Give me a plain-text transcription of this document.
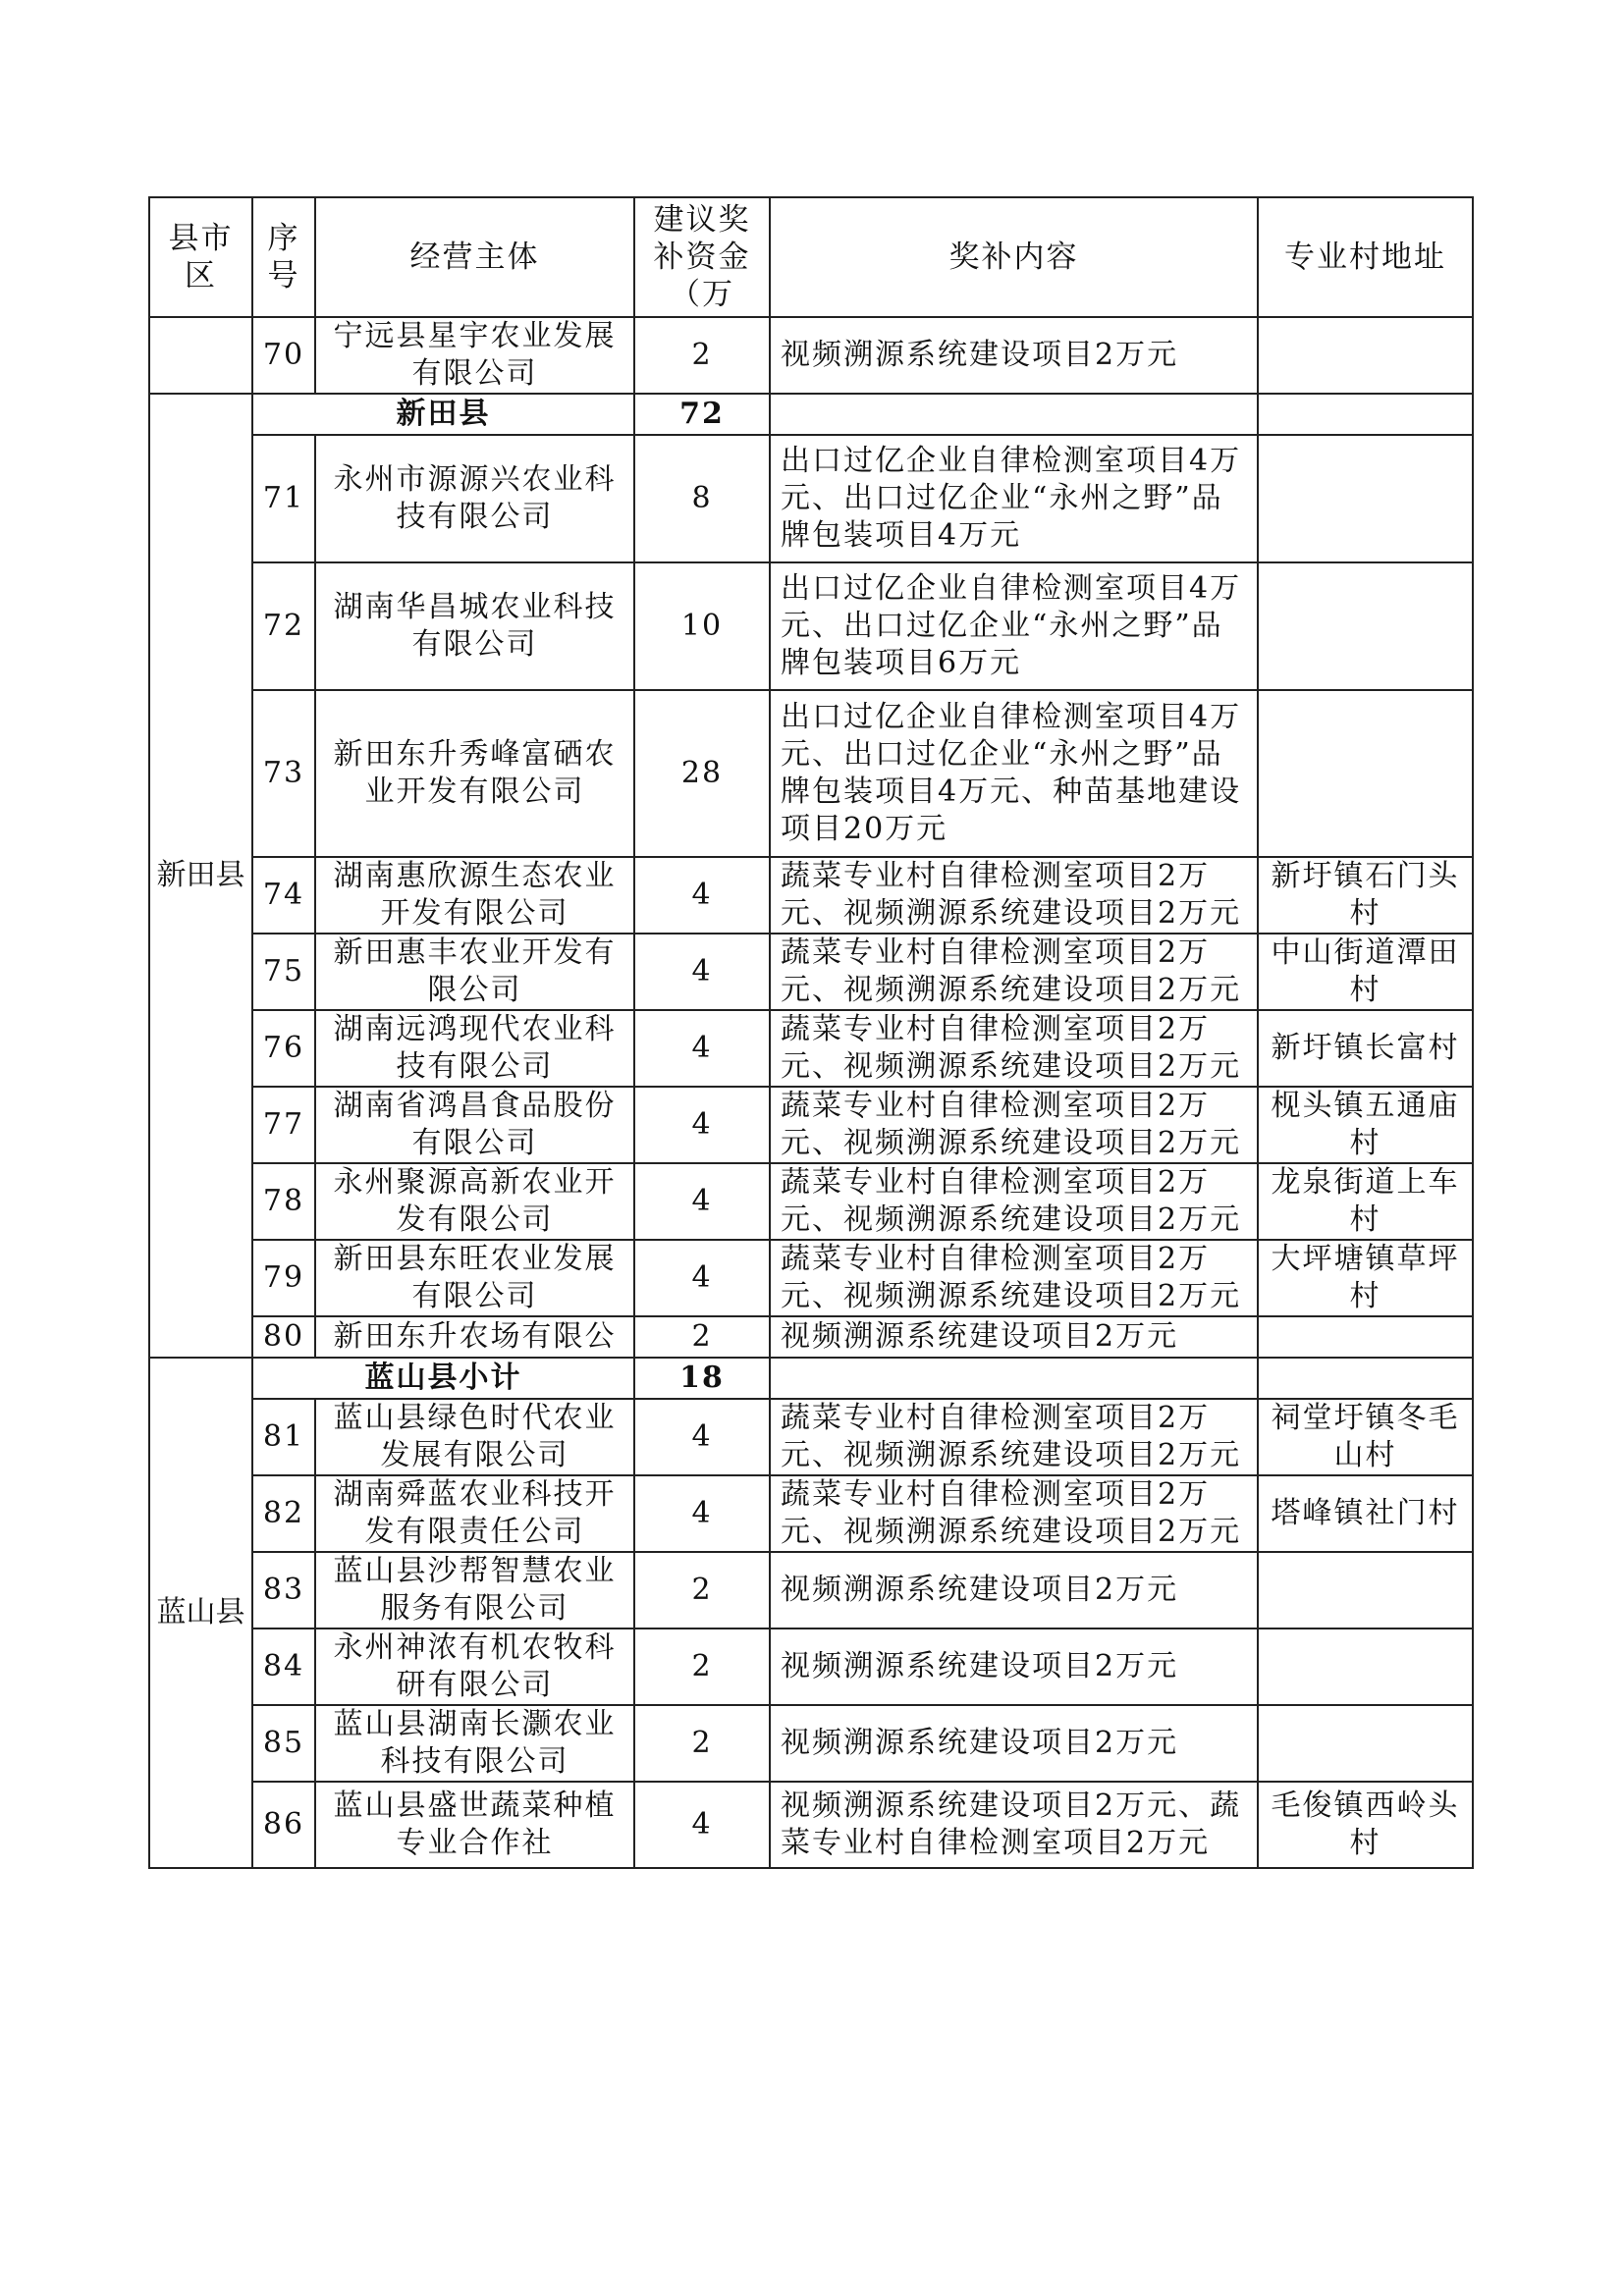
县市区	序号	经营主体	建议奖补资金（万	奖补内容	专业村地址
	70	宁远县星宇农业发展有限公司	2	视频溯源系统建设项目2万元	
新田县	新田县		72		
	71	永州市源源兴农业科技有限公司	8	出口过亿企业自律检测室项目4万元、出口过亿企业“永州之野”品牌包装项目4万元	
	72	湖南华昌城农业科技有限公司	10	出口过亿企业自律检测室项目4万元、出口过亿企业“永州之野”品牌包装项目6万元	
	73	新田东升秀峰富硒农业开发有限公司	28	出口过亿企业自律检测室项目4万元、出口过亿企业“永州之野”品牌包装项目4万元、种苗基地建设项目20万元	
	74	湖南惠欣源生态农业开发有限公司	4	蔬菜专业村自律检测室项目2万元、视频溯源系统建设项目2万元	新圩镇石门头村
	75	新田惠丰农业开发有限公司	4	蔬菜专业村自律检测室项目2万元、视频溯源系统建设项目2万元	中山街道潭田村
	76	湖南远鸿现代农业科技有限公司	4	蔬菜专业村自律检测室项目2万元、视频溯源系统建设项目2万元	新圩镇长富村
	77	湖南省鸿昌食品股份有限公司	4	蔬菜专业村自律检测室项目2万元、视频溯源系统建设项目2万元	枧头镇五通庙村
	78	永州聚源高新农业开发有限公司	4	蔬菜专业村自律检测室项目2万元、视频溯源系统建设项目2万元	龙泉街道上车村
	79	新田县东旺农业发展有限公司	4	蔬菜专业村自律检测室项目2万元、视频溯源系统建设项目2万元	大坪塘镇草坪村
	80	新田东升农场有限公	2	视频溯源系统建设项目2万元	
蓝山县	蓝山县小计		18		
	81	蓝山县绿色时代农业发展有限公司	4	蔬菜专业村自律检测室项目2万元、视频溯源系统建设项目2万元	祠堂圩镇冬毛山村
	82	湖南舜蓝农业科技开发有限责任公司	4	蔬菜专业村自律检测室项目2万元、视频溯源系统建设项目2万元	塔峰镇社门村
	83	蓝山县沙帮智慧农业服务有限公司	2	视频溯源系统建设项目2万元	
	84	永州神浓有机农牧科研有限公司	2	视频溯源系统建设项目2万元	
	85	蓝山县湖南长灏农业科技有限公司	2	视频溯源系统建设项目2万元	
	86	蓝山县盛世蔬菜种植专业合作社	4	视频溯源系统建设项目2万元、蔬菜专业村自律检测室项目2万元	毛俊镇西岭头村
